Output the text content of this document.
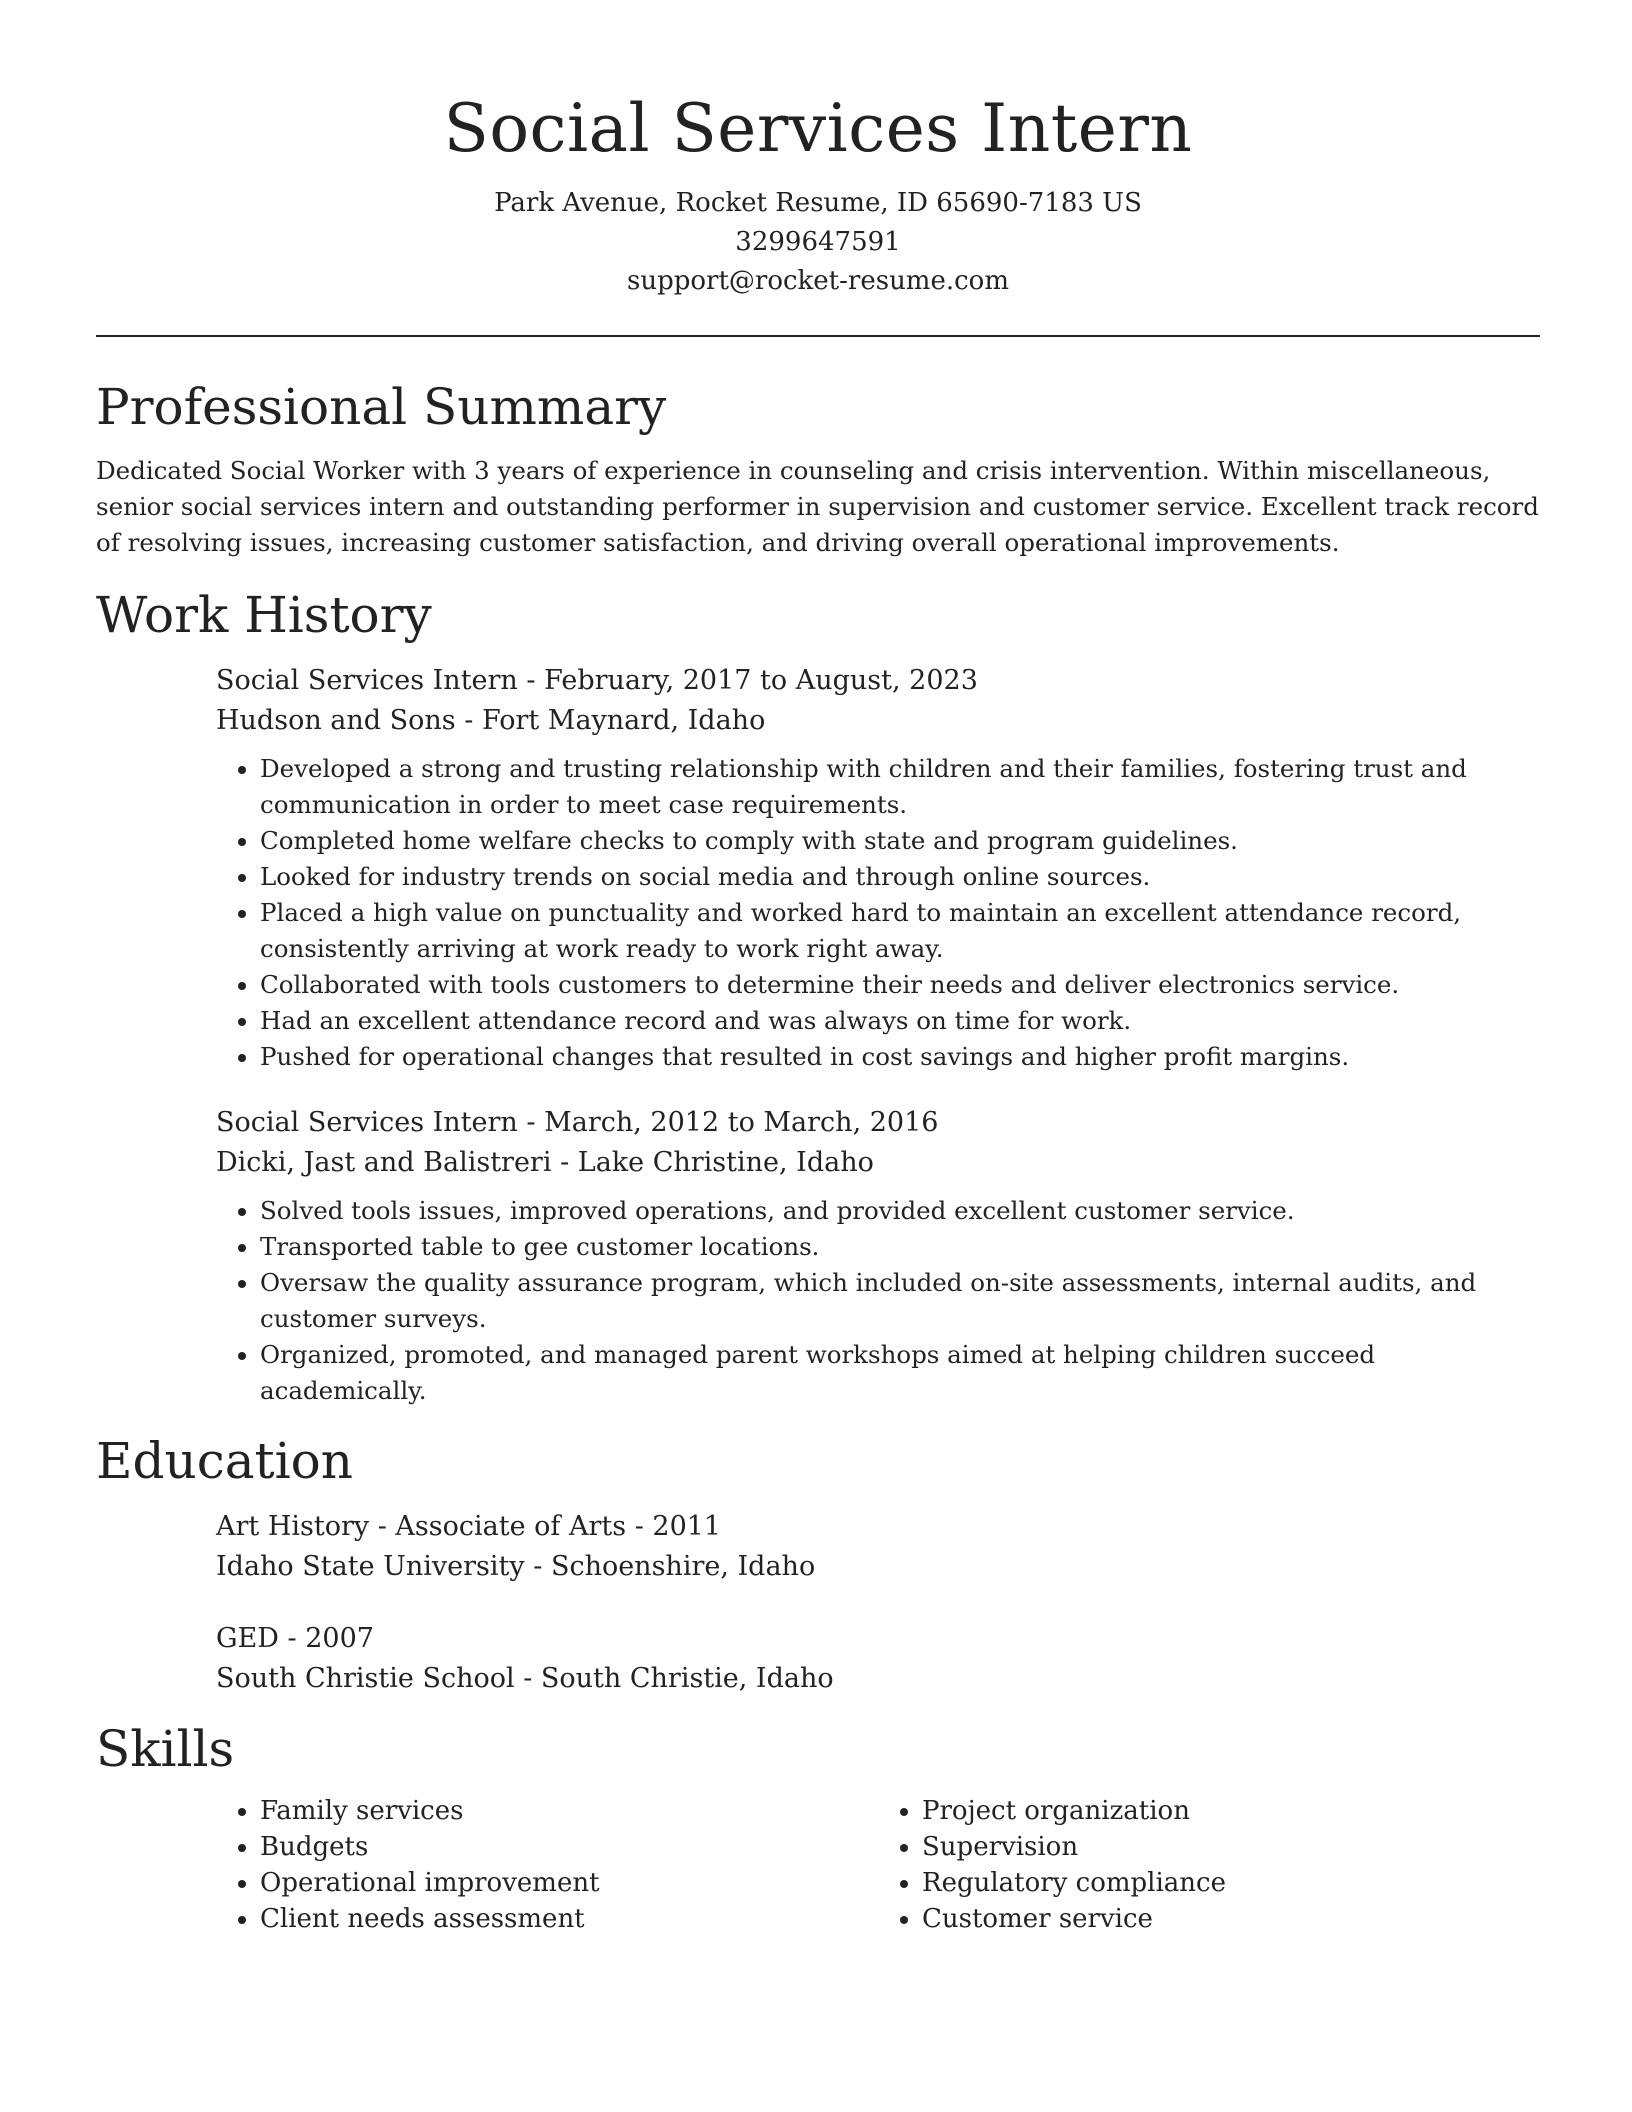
Social Services Intern
Park Avenue, Rocket Resume, ID 65690-7183 US
3299647591
support@rocket-resume.com
Professional Summary

Dedicated Social Worker with 3 years of experience in counseling and crisis intervention. Within miscellaneous, senior social services intern and outstanding performer in supervision and customer service. Excellent track record of resolving issues, increasing customer satisfaction, and driving overall operational improvements.

Work History
Social Services Intern - February, 2017 to August, 2023
Hudson and Sons - Fort Maynard, Idaho
• Developed a strong and trusting relationship with children and their families, fostering trust and communication in order to meet case requirements.
• Completed home welfare checks to comply with state and program guidelines.
• Looked for industry trends on social media and through online sources.
• Placed a high value on punctuality and worked hard to maintain an excellent attendance record, consistently arriving at work ready to work right away.
• Collaborated with tools customers to determine their needs and deliver electronics service.
• Had an excellent attendance record and was always on time for work.
• Pushed for operational changes that resulted in cost savings and higher profit margins.
Social Services Intern - March, 2012 to March, 2016
Dicki, Jast and Balistreri - Lake Christine, Idaho
• Solved tools issues, improved operations, and provided excellent customer service.
• Transported table to gee customer locations.
• Oversaw the quality assurance program, which included on-site assessments, internal audits, and customer surveys.
• Organized, promoted, and managed parent workshops aimed at helping children succeed academically.
Education
Art History - Associate of Arts - 2011
Idaho State University - Schoenshire, Idaho
GED - 2007
South Christie School - South Christie, Idaho
Skills
• Family services
• Budgets
• Operational improvement
• Client needs assessment
• Project organization
• Supervision
• Regulatory compliance
• Customer service
